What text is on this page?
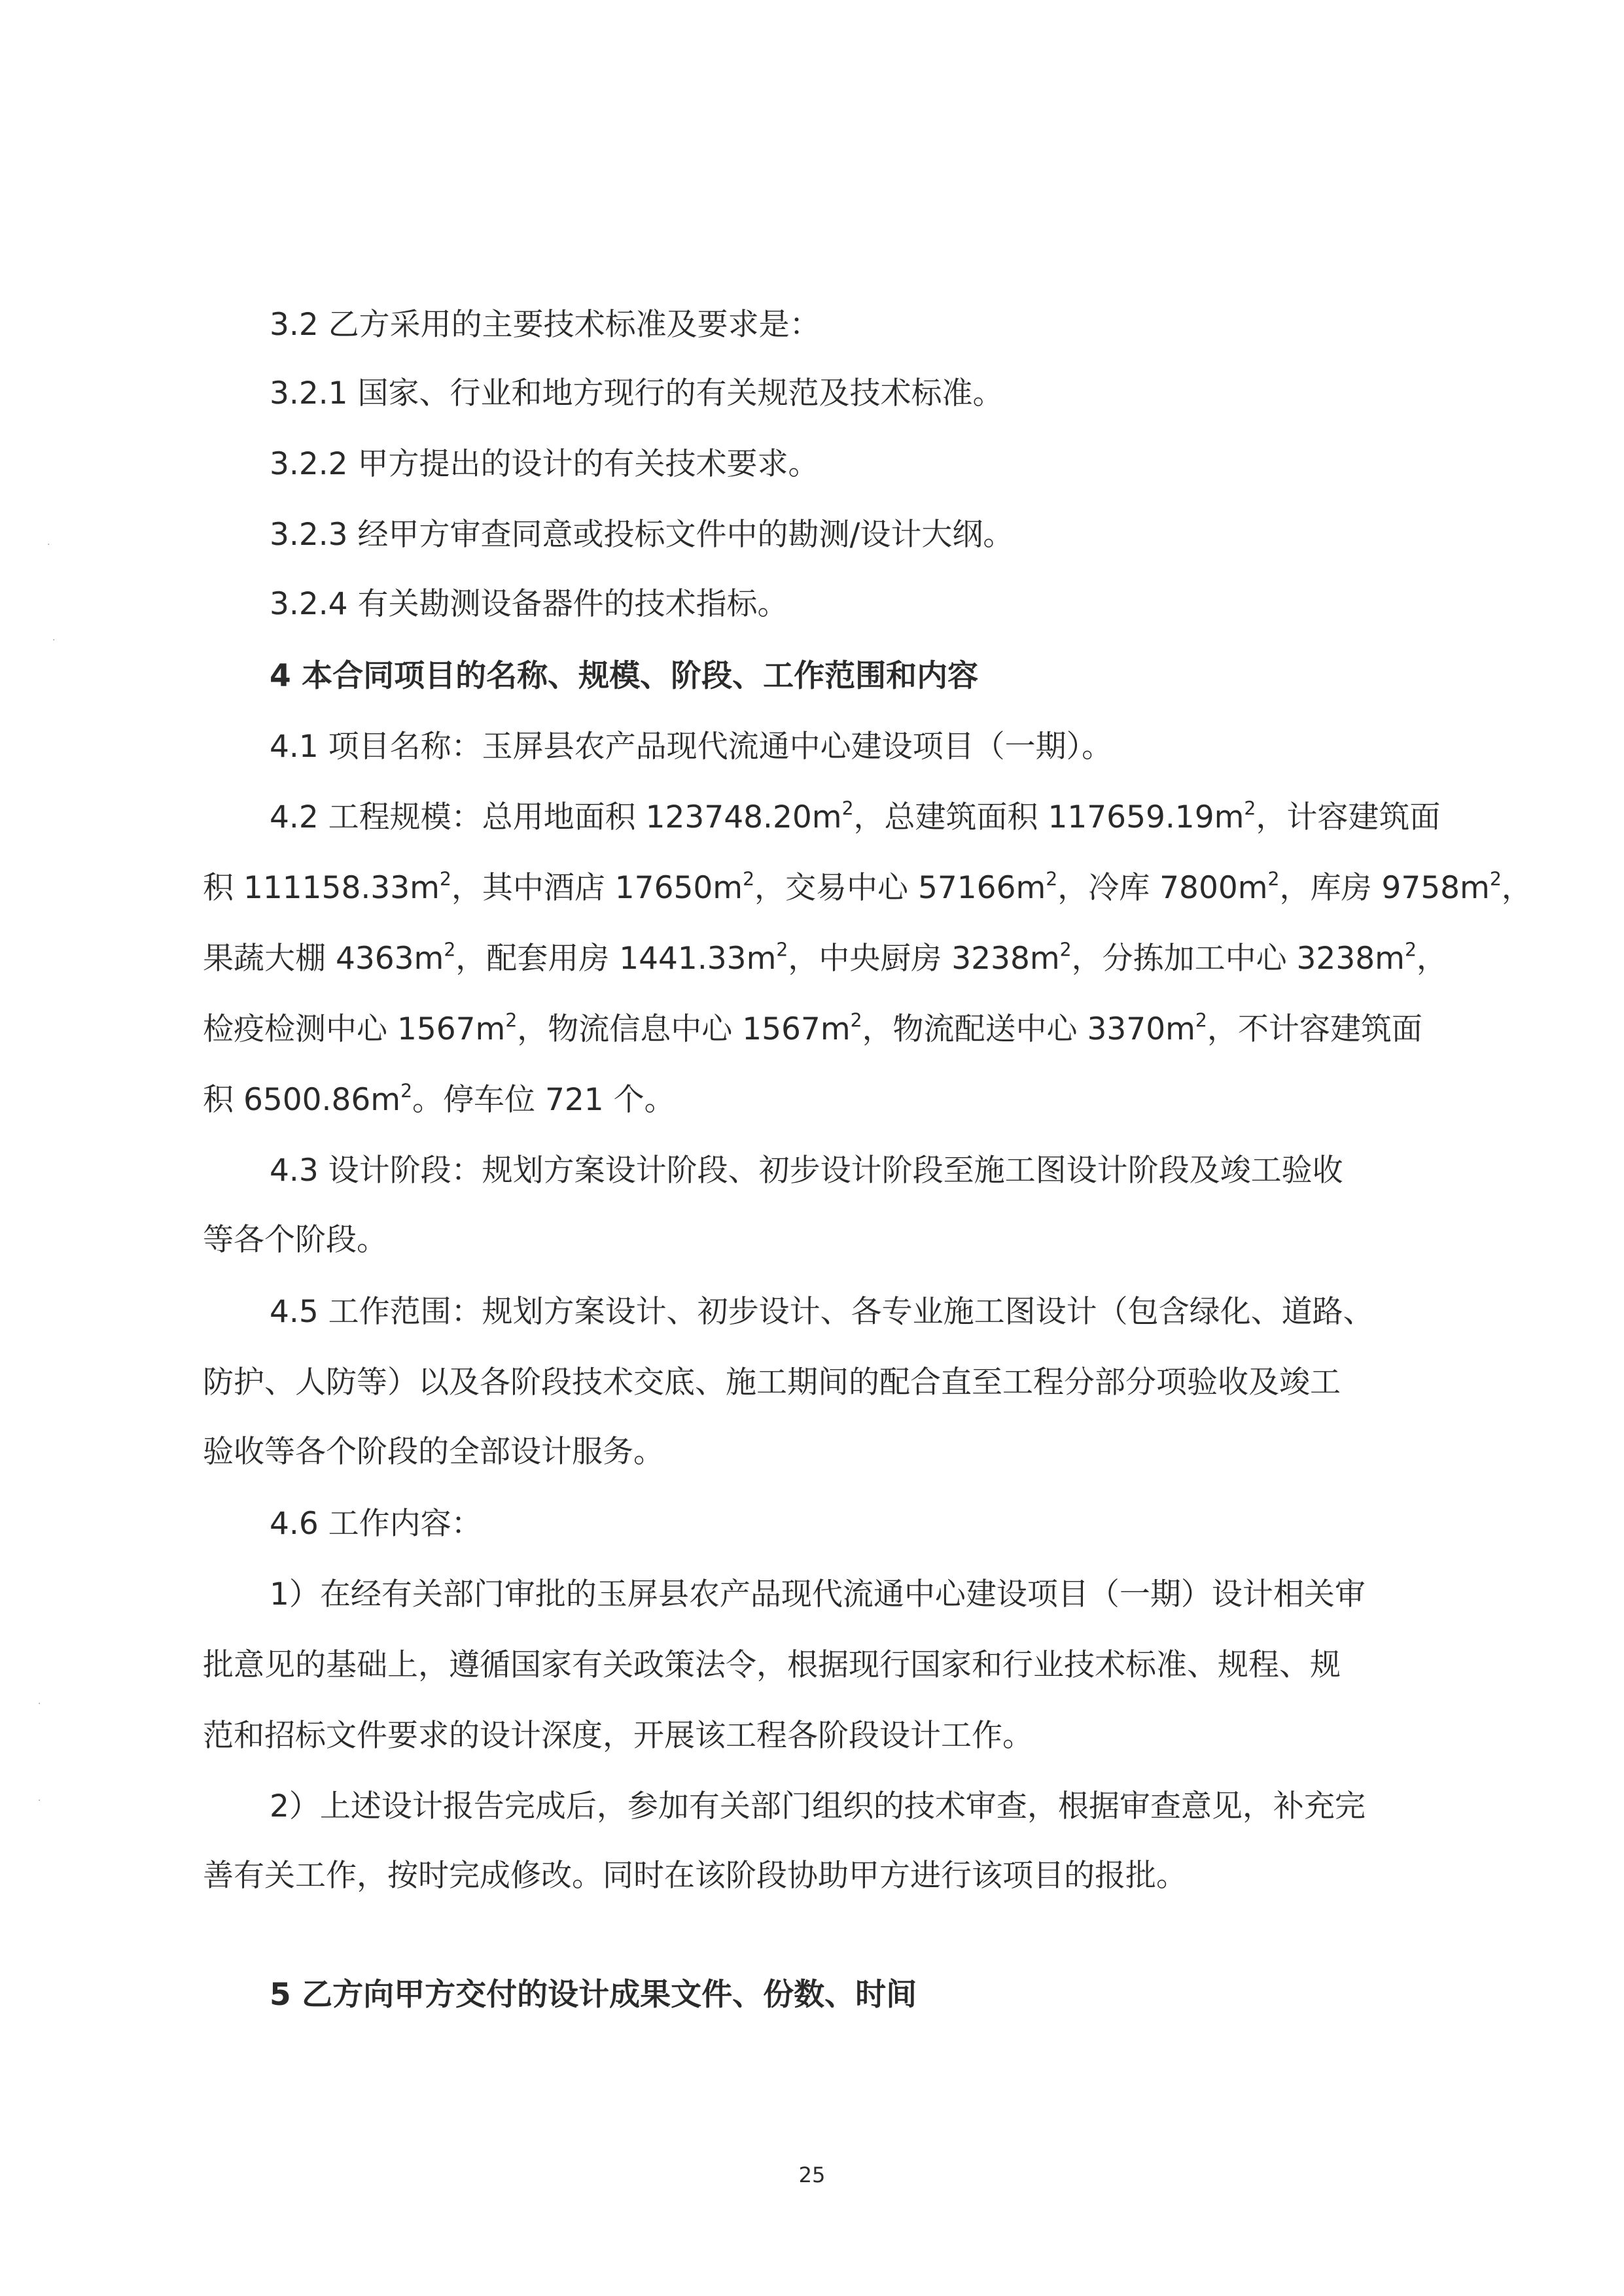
3.2 乙方采用的主要技术标准及要求是：

3.2.1 国家、行业和地方现行的有关规范及技术标准。

3.2.2 甲方提出的设计的有关技术要求。

3.2.3 经甲方审查同意或投标文件中的勘测/设计大纲。

3.2.4 有关勘测设备器件的技术指标。

4 本合同项目的名称、规模、阶段、工作范围和内容

4.1 项目名称：玉屏县农产品现代流通中心建设项目（一期）。

4.2 工程规模：总用地面积 $123748.20m^2$，总建筑面积 $117659.19m^2$，计容建筑面

积 $111158.33m^2$，其中酒店 $17650m^2$，交易中心 $57166m^2$，冷库 $7800m^2$，库房 $9758m^2$，

果蔬大棚 $4363m^2$，配套用房 $1441.33m^2$，中央厨房 $3238m^2$，分拣加工中心 $3238m^2$，

检疫检测中心 $1567m^2$，物流信息中心 $1567m^2$，物流配送中心 $3370m^2$，不计容建筑面

积 $6500.86m^2$。停车位 721 个。

4.3 设计阶段：规划方案设计阶段、初步设计阶段至施工图设计阶段及竣工验收

等各个阶段。

4.5 工作范围：规划方案设计、初步设计、各专业施工图设计（包含绿化、道路、

防护、人防等）以及各阶段技术交底、施工期间的配合直至工程分部分项验收及竣工

验收等各个阶段的全部设计服务。

4.6 工作内容：

1）在经有关部门审批的玉屏县农产品现代流通中心建设项目（一期）设计相关审

批意见的基础上，遵循国家有关政策法令，根据现行国家和行业技术标准、规程、规

范和招标文件要求的设计深度，开展该工程各阶段设计工作。

2）上述设计报告完成后，参加有关部门组织的技术审查，根据审查意见，补充完

善有关工作，按时完成修改。同时在该阶段协助甲方进行该项目的报批。

5 乙方向甲方交付的设计成果文件、份数、时间

25
·
·
·
·
